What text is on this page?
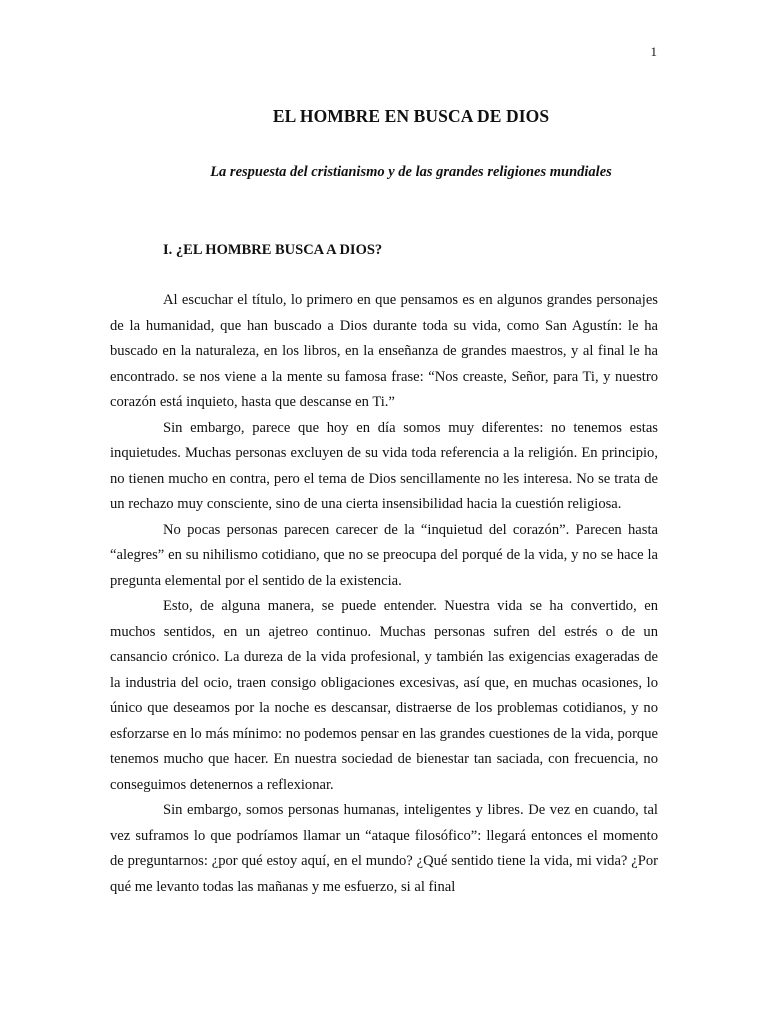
1
EL HOMBRE EN BUSCA DE DIOS
La respuesta del cristianismo y de las grandes religiones mundiales
I. ¿EL HOMBRE BUSCA A DIOS?

Al escuchar el título, lo primero en que pensamos es en algunos grandes personajes de la humanidad, que han buscado a Dios durante toda su vida, como San Agustín: le ha buscado en la naturaleza, en los libros, en la enseñanza de grandes maestros, y al final le ha encontrado. se nos viene a la mente su famosa frase: “Nos creaste, Señor, para Ti, y nuestro corazón está inquieto, hasta que descanse en Ti.”

Sin embargo, parece que hoy en día somos muy diferentes: no tenemos estas inquietudes. Muchas personas excluyen de su vida toda referencia a la religión. En principio, no tienen mucho en contra, pero el tema de Dios sencillamente no les interesa. No se trata de un rechazo muy consciente, sino de una cierta insensibilidad hacia la cuestión religiosa.

No pocas personas parecen carecer de la “inquietud del corazón”. Parecen hasta “alegres” en su nihilismo cotidiano, que no se preocupa del porqué de la vida, y no se hace la pregunta elemental por el sentido de la existencia.

Esto, de alguna manera, se puede entender. Nuestra vida se ha convertido, en muchos sentidos, en un ajetreo continuo. Muchas personas sufren del estrés o de un cansancio crónico. La dureza de la vida profesional, y también las exigencias exageradas de la industria del ocio, traen consigo obligaciones excesivas, así que, en muchas ocasiones, lo único que deseamos por la noche es descansar, distraerse de los problemas cotidianos, y no esforzarse en lo más mínimo: no podemos pensar en las grandes cuestiones de la vida, porque tenemos mucho que hacer. En nuestra sociedad de bienestar tan saciada, con frecuencia, no conseguimos detenernos a reflexionar.

Sin embargo, somos personas humanas, inteligentes y libres. De vez en cuando, tal vez suframos lo que podríamos llamar un “ataque filosófico”: llegará entonces el momento de preguntarnos: ¿por qué estoy aquí, en el mundo? ¿Qué sentido tiene la vida, mi vida? ¿Por qué me levanto todas las mañanas y me esfuerzo, si al final
